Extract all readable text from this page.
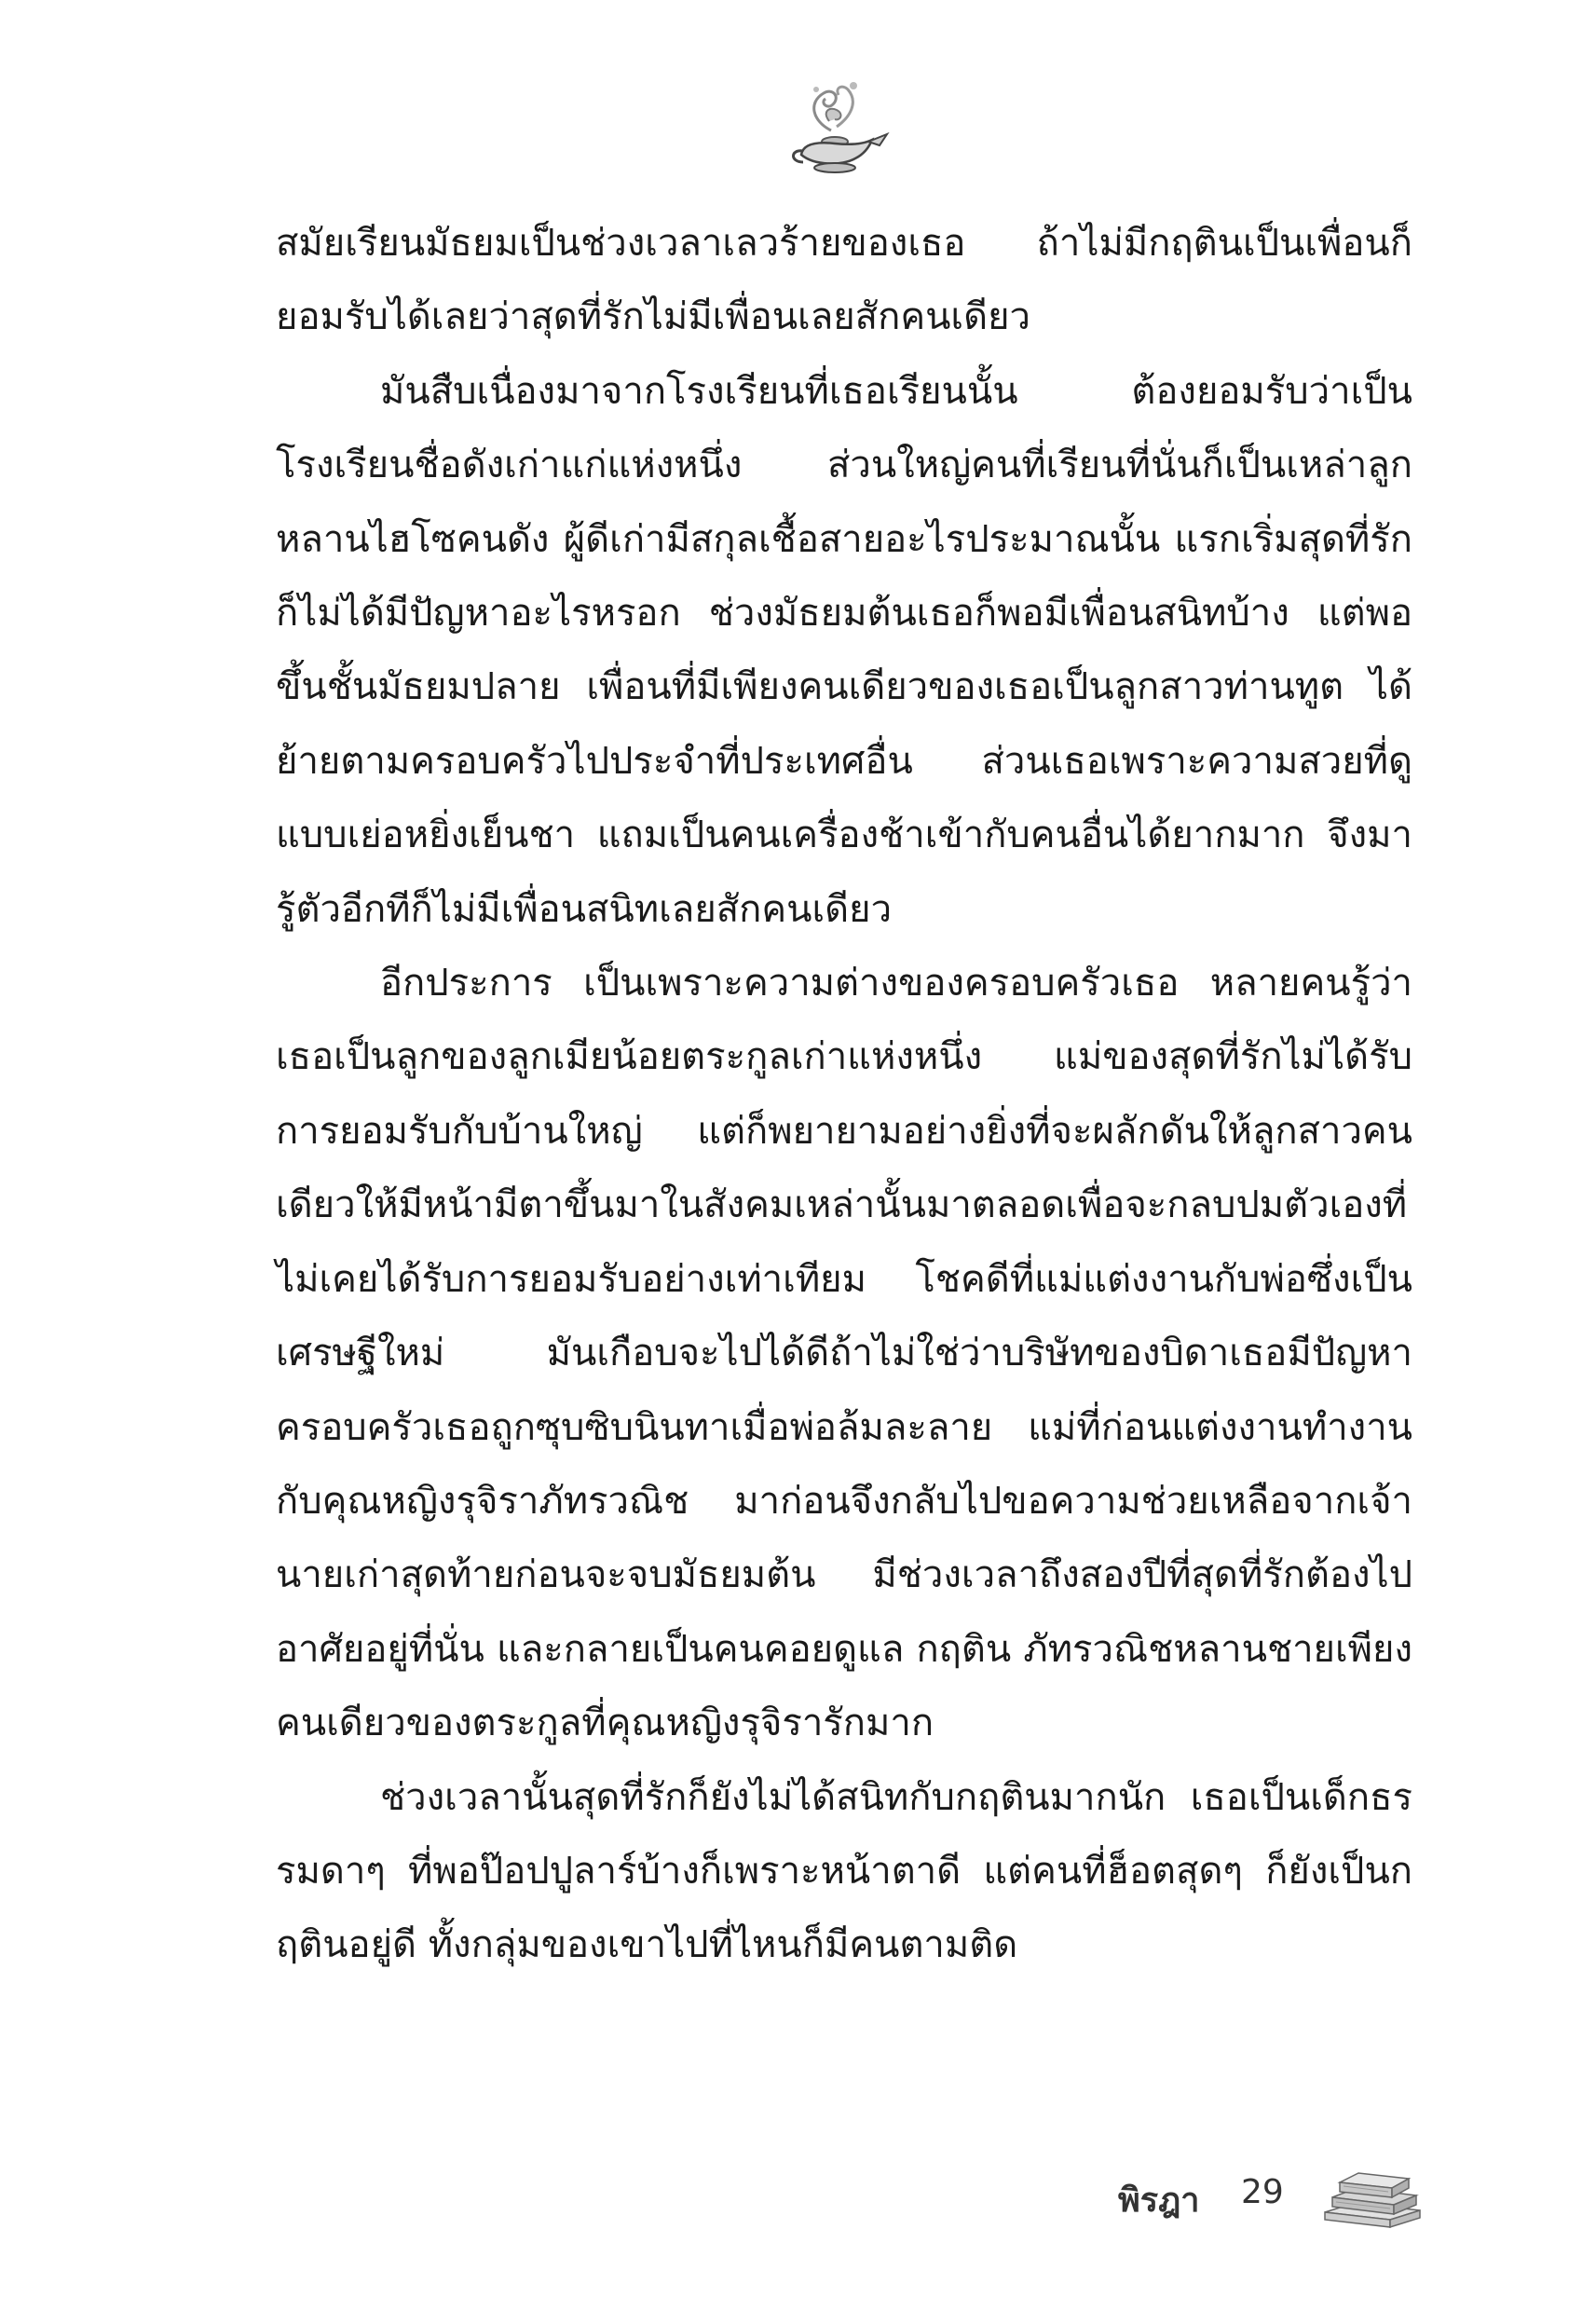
สมัยเรียนมัธยมเป็นช่วงเวลาเลวร้ายของเธอ ถ้าไม่มีกฤตินเป็นเพื่อนก็ยอมรับได้เลยว่าสุดที่รักไม่มีเพื่อนเลยสักคนเดียว

มันสืบเนื่องมาจากโรงเรียนที่เธอเรียนนั้น ต้องยอมรับว่าเป็นโรงเรียนชื่อดังเก่าแก่แห่งหนึ่ง ส่วนใหญ่คนที่เรียนที่นั่นก็เป็นเหล่าลูกหลานไฮโซคนดัง ผู้ดีเก่ามีสกุลเชื้อสายอะไรประมาณนั้น แรกเริ่มสุดที่รักก็ไม่ได้มีปัญหาอะไรหรอก ช่วงมัธยมต้นเธอก็พอมีเพื่อนสนิทบ้าง แต่พอขึ้นชั้นมัธยมปลาย เพื่อนที่มีเพียงคนเดียวของเธอเป็นลูกสาวท่านทูต ได้ย้ายตามครอบครัวไปประจำที่ประเทศอื่น ส่วนเธอเพราะความสวยที่ดูแบบเย่อหยิ่งเย็นชา แถมเป็นคนเครื่องช้าเข้ากับคนอื่นได้ยากมาก จึงมารู้ตัวอีกทีก็ไม่มีเพื่อนสนิทเลยสักคนเดียว

อีกประการ เป็นเพราะความต่างของครอบครัวเธอ หลายคนรู้ว่าเธอเป็นลูกของลูกเมียน้อยตระกูลเก่าแห่งหนึ่ง แม่ของสุดที่รักไม่ได้รับการยอมรับกับบ้านใหญ่ แต่ก็พยายามอย่างยิ่งที่จะผลักดันให้ลูกสาวคนเดียวให้มีหน้ามีตาขึ้นมาในสังคมเหล่านั้นมาตลอดเพื่อจะกลบปมตัวเองที่ไม่เคยได้รับการยอมรับอย่างเท่าเทียม โชคดีที่แม่แต่งงานกับพ่อซึ่งเป็นเศรษฐีใหม่ มันเกือบจะไปได้ดีถ้าไม่ใช่ว่าบริษัทของบิดาเธอมีปัญหา ครอบครัวเธอถูกซุบซิบนินทาเมื่อพ่อล้มละลาย แม่ที่ก่อนแต่งงานทำงานกับคุณหญิงรุจิราภัทรวณิช มาก่อนจึงกลับไปขอความช่วยเหลือจากเจ้านายเก่าสุดท้ายก่อนจะจบมัธยมต้น มีช่วงเวลาถึงสองปีที่สุดที่รักต้องไปอาศัยอยู่ที่นั่น และกลายเป็นคนคอยดูแล กฤติน ภัทรวณิชหลานชายเพียงคนเดียวของตระกูลที่คุณหญิงรุจิรารักมาก

ช่วงเวลานั้นสุดที่รักก็ยังไม่ได้สนิทกับกฤตินมากนัก เธอเป็นเด็กธรรมดาๆ ที่พอป๊อปปูลาร์บ้างก็เพราะหน้าตาดี แต่คนที่ฮ็อตสุดๆ ก็ยังเป็นกฤตินอยู่ดี ทั้งกลุ่มของเขาไปที่ไหนก็มีคนตามติด

พิรฎา 29
